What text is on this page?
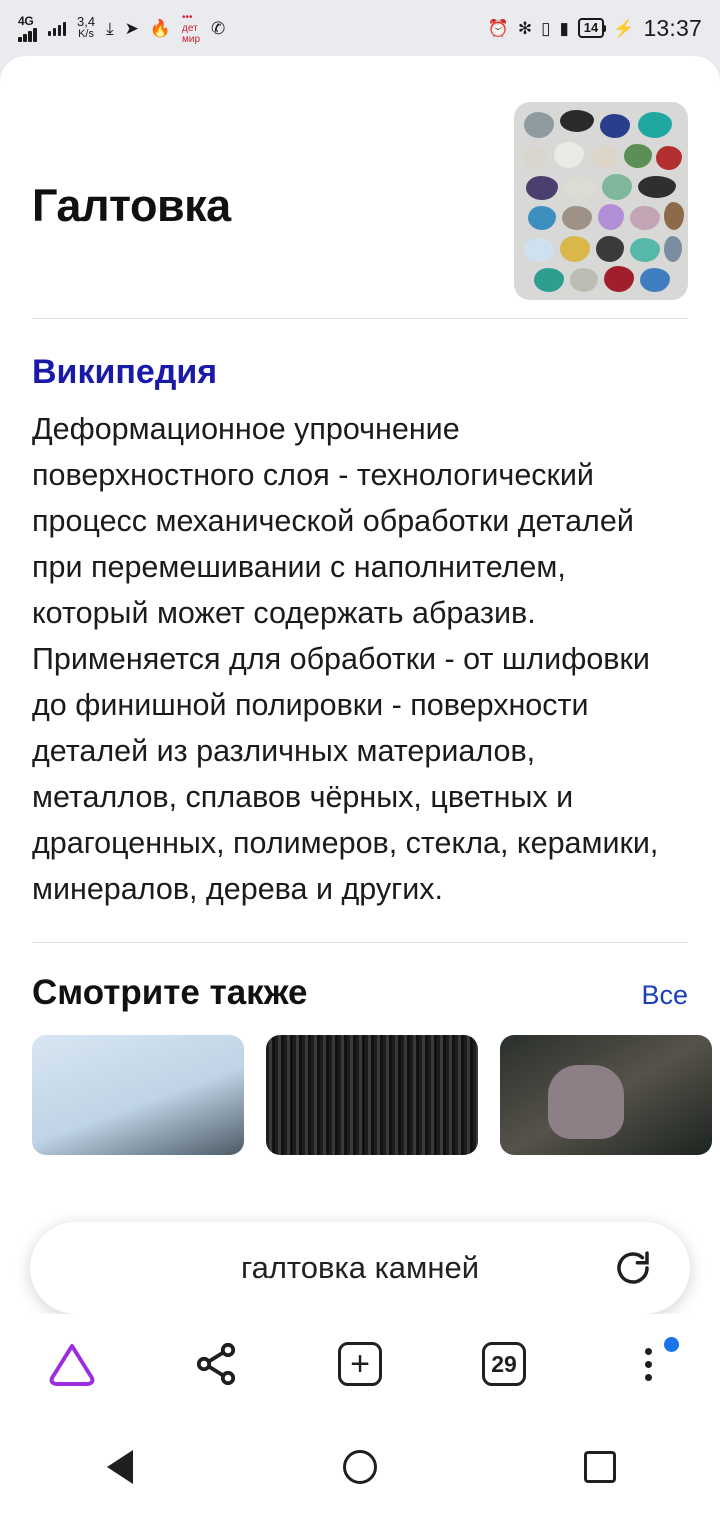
4G	3,4
K/s ⤓ ➤ 🔥
•••
дет
мир
✆	⏰ ✻ ▯ ▮	14 ⚡ 13:37
Галтовка
Википедия
Деформационное упрочнение поверхностного слоя - технологический процесс механической обработки деталей при перемешивании с наполнителем, который может содержать абразив. Применяется для обработки - от шлифовки до финишной полировки - поверхности деталей из различных материалов, металлов, сплавов чёрных, цветных и драгоценных, полимеров, стекла, керамики, минералов, дерева и других.
Смотрите также	Все
галтовка камней
+	29
